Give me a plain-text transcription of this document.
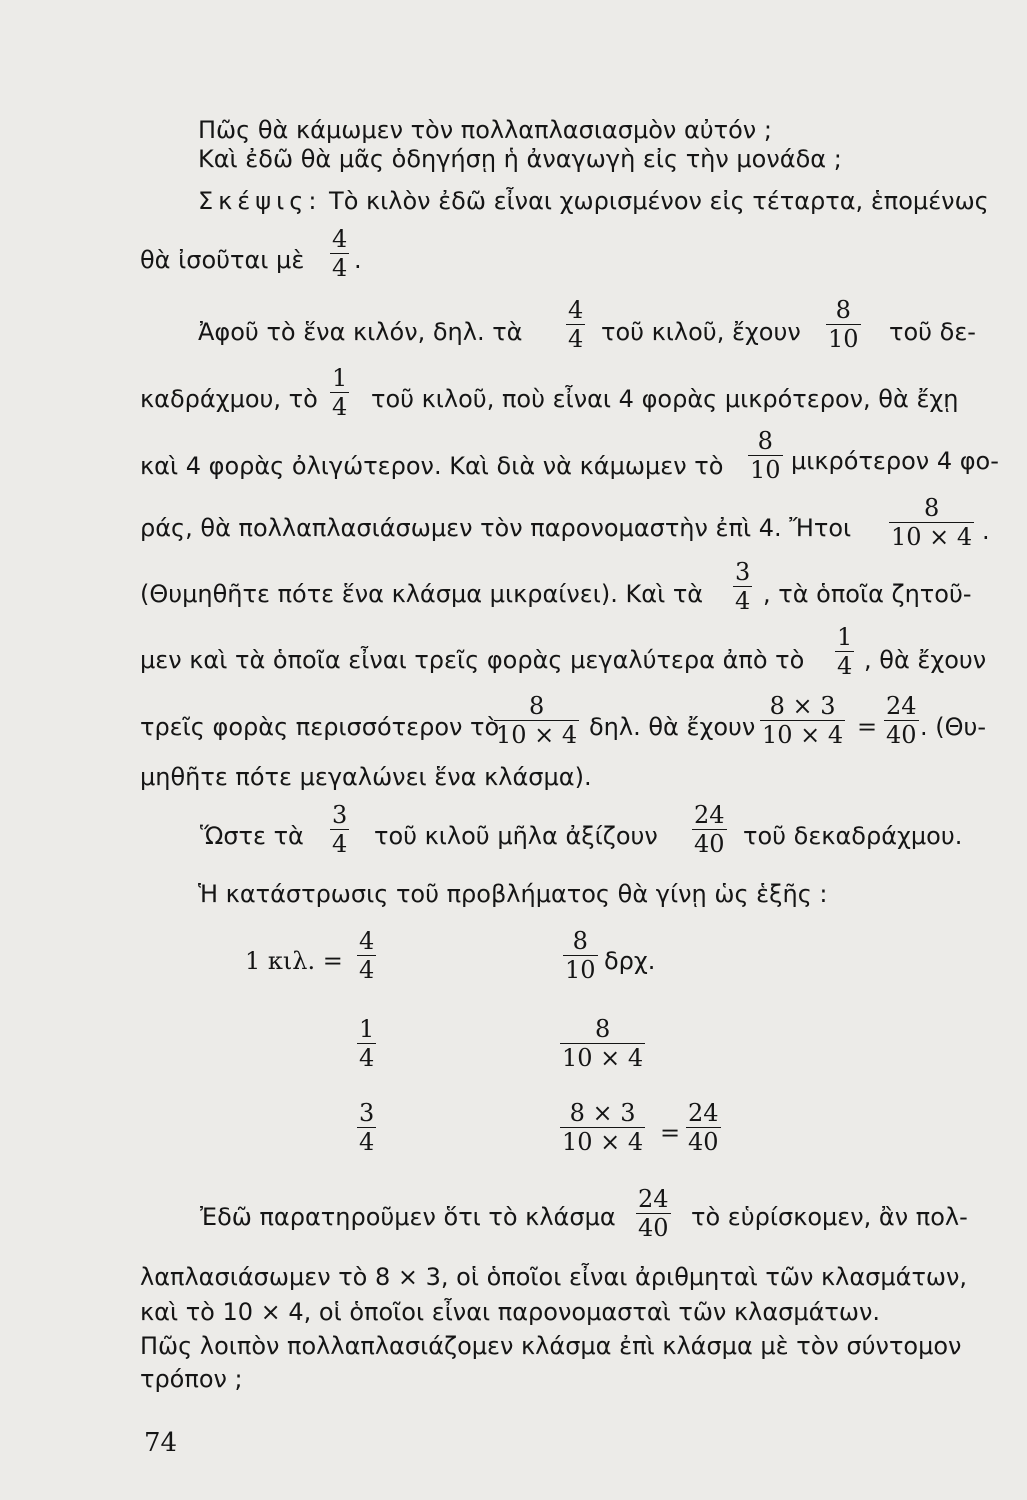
Πῶς θὰ κάμωμεν τὸν πολλαπλασιασμὸν αὐτόν ;
Καὶ ἐδῶ θὰ μᾶς ὁδηγήσῃ ἡ ἀναγωγὴ εἰς τὴν μονάδα ;
Σκέψις: Τὸ κιλὸν ἐδῶ εἶναι χωρισμένον εἰς τέταρτα, ἑπομένως
θὰ ἰσοῦται μὲ
4
4 .
Ἀφοῦ τὸ ἕνα κιλόν, δηλ. τὰ
4
4 τοῦ κιλοῦ, ἔχουν
8
10 τοῦ δε-
καδράχμου, τὸ
1
4 τοῦ κιλοῦ, ποὺ εἶναι 4 φορὰς μικρότερον, θὰ ἔχῃ
καὶ 4 φορὰς ὀλιγώτερον. Καὶ διὰ νὰ κάμωμεν τὸ
8
10 μικρότερον 4 φο-
ράς, θὰ πολλαπλασιάσωμεν τὸν παρονομαστὴν ἐπὶ 4. Ἤτοι
8
10 × 4 .
(Θυμηθῆτε πότε ἕνα κλάσμα μικραίνει). Καὶ τὰ
3
4 , τὰ ὁποῖα ζητοῦ-
μεν καὶ τὰ ὁποῖα εἶναι τρεῖς φορὰς μεγαλύτερα ἀπὸ τὸ
1
4 , θὰ ἔχουν
τρεῖς φορὰς περισσότερον τὸ
8
10 × 4 δηλ. θὰ ἔχουν
8 × 3
10 × 4 =
24
40 . (Θυ-
μηθῆτε πότε μεγαλώνει ἕνα κλάσμα).
Ὥστε τὰ
3
4 τοῦ κιλοῦ μῆλα ἀξίζουν
24
40 τοῦ δεκαδράχμου.
Ἡ κατάστρωσις τοῦ προβλήματος θὰ γίνῃ ὡς ἑξῆς :
1 κιλ. =
4
4
8
10 δρχ.
1
4
8
10 × 4
3
4
8 × 3
10 × 4 =
24
40
Ἐδῶ παρατηροῦμεν ὅτι τὸ κλάσμα
24
40 τὸ εὑρίσκομεν, ἂν πολ-
λαπλασιάσωμεν τὸ 8 × 3, οἱ ὁποῖοι εἶναι ἀριθμηταὶ τῶν κλασμάτων,
καὶ τὸ 10 × 4, οἱ ὁποῖοι εἶναι παρονομασταὶ τῶν κλασμάτων.
Πῶς λοιπὸν πολλαπλασιάζομεν κλάσμα ἐπὶ κλάσμα μὲ τὸν σύντομον
τρόπον ;
74
